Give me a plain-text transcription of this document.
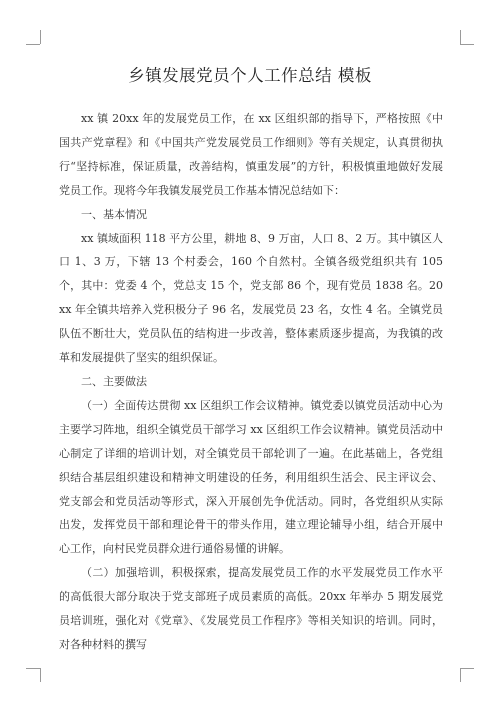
乡镇发展党员个人工作总结 模板

xx 镇 20xx 年的发展党员工作，在 xx 区组织部的指导下，严格按照《中国共产党章程》和《中国共产党发展党员工作细则》等有关规定，认真贯彻执行“坚持标准，保证质量，改善结构，慎重发展”的方针，积极慎重地做好发展党员工作。现将今年我镇发展党员工作基本情况总结如下：

一、基本情况

xx 镇域面积 118 平方公里，耕地 8、9 万亩，人口 8、2 万。其中镇区人口 1、3 万，下辖 13 个村委会，160 个自然村。全镇各级党组织共有 105 个，其中：党委 4 个，党总支 15 个，党支部 86 个，现有党员 1838 名。20xx 年全镇共培养入党积极分子 96 名，发展党员 23 名，女性 4 名。全镇党员队伍不断壮大，党员队伍的结构进一步改善，整体素质逐步提高，为我镇的改革和发展提供了坚实的组织保证。

二、主要做法

（一）全面传达贯彻 xx 区组织工作会议精神。镇党委以镇党员活动中心为主要学习阵地，组织全镇党员干部学习 xx 区组织工作会议精神。镇党员活动中心制定了详细的培训计划，对全镇党员干部轮训了一遍。在此基础上，各党组织结合基层组织建设和精神文明建设的任务，利用组织生活会、民主评议会、党支部会和党员活动等形式，深入开展创先争优活动。同时，各党组织从实际出发，发挥党员干部和理论骨干的带头作用，建立理论辅导小组，结合开展中心工作，向村民党员群众进行通俗易懂的讲解。

（二）加强培训，积极探索，提高发展党员工作的水平发展党员工作水平的高低很大部分取决于党支部班子成员素质的高低。20xx 年举办 5 期发展党员培训班，强化对《党章》、《发展党员工作程序》等相关知识的培训。同时，对各种材料的撰写
